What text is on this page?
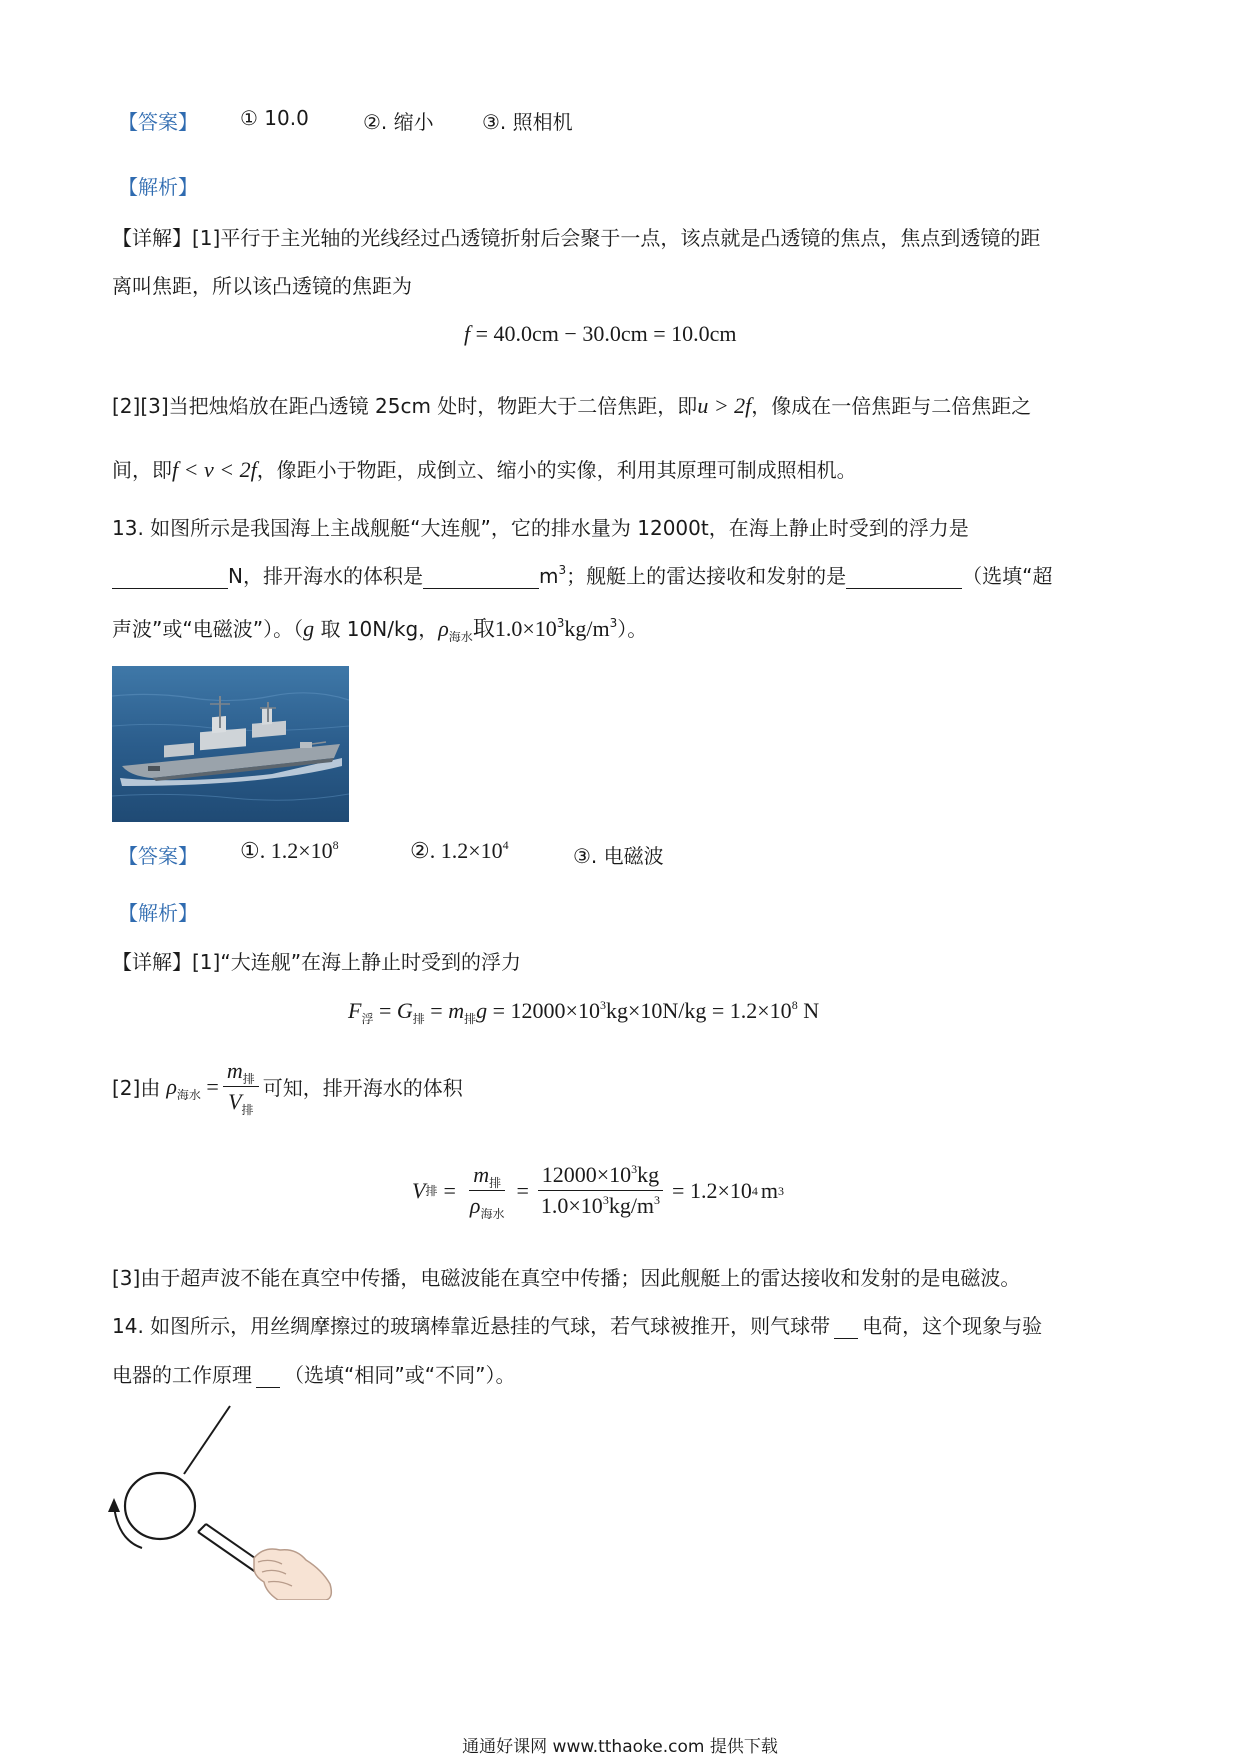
【答案】 ① 10.0	②. 缩小 ③. 照相机
【解析】
【详解】[1]平行于主光轴的光线经过凸透镜折射后会聚于一点，该点就是凸透镜的焦点，焦点到透镜的距
离叫焦距，所以该凸透镜的焦距为
f = 40.0cm − 30.0cm = 10.0cm
[2][3]当把烛焰放在距凸透镜 25cm 处时，物距大于二倍焦距，即u > 2f，像成在一倍焦距与二倍焦距之
间，即f < v < 2f，像距小于物距，成倒立、缩小的实像，利用其原理可制成照相机。
13. 如图所示是我国海上主战舰艇“大连舰”，它的排水量为 12000t，在海上静止时受到的浮力是
N，排开海水的体积是	$m^3$；舰艇上的雷达接收和发射的是	（选填“超
声波”或“电磁波”）。（g 取 10N/kg，$\rho_{海水}$取$1.0\times 10^3kg/m^3$）。
【答案】 ①. $1.2\times 10^8$	②. $1.2\times 10^4$	③. 电磁波
【解析】
【详解】[1]“大连舰”在海上静止时受到的浮力
$F_浮 = G_排 = m_排g = 12000\times 10^3kg\times 10N/kg = 1.2\times 10^8$ N
[2]由 $\rho_{海水} = \frac{m_排}{V_排}$ 可知，排开海水的体积
V 排 = $\frac{m_排}{\rho_{海水}} = \frac{12000\times 10^3kg}{1.0\times 10^3kg/m^3} = 1.2\times 10$ 4 m 3
[3]由于超声波不能在真空中传播，电磁波能在真空中传播；因此舰艇上的雷达接收和发射的是电磁波。
14. 如图所示，用丝绸摩擦过的玻璃棒靠近悬挂的气球，若气球被推开，则气球带 电荷，这个现象与验
电器的工作原理 （选填“相同”或“不同”）。
通通好课网 www.tthaoke.com 提供下载
